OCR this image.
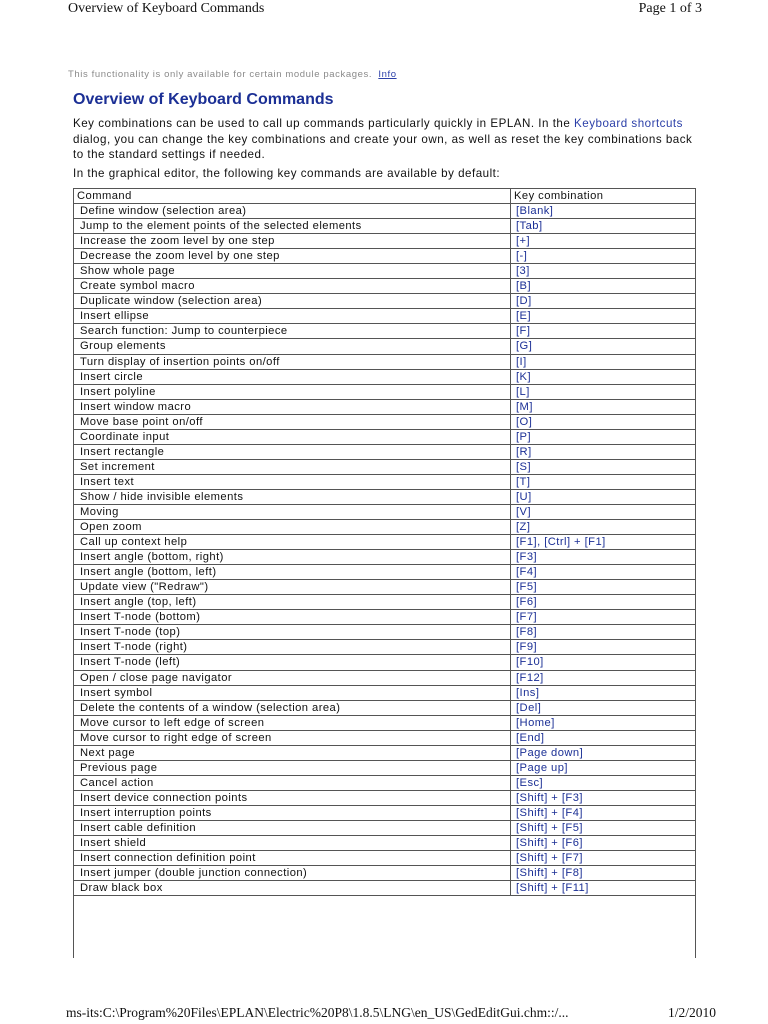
Overview of Keyboard Commands	Page 1 of 3
This functionality is only available for certain module packages. Info
Overview of Keyboard Commands

Key combinations can be used to call up commands particularly quickly in EPLAN. In the Keyboard shortcuts dialog, you can change the key combinations and create your own, as well as reset the key combinations back to the standard settings if needed.

In the graphical editor, the following key commands are available by default:

Command	Key combination
Define window (selection area)	[Blank]
Jump to the element points of the selected elements	[Tab]
Increase the zoom level by one step	[+]
Decrease the zoom level by one step	[-]
Show whole page	[3]
Create symbol macro	[B]
Duplicate window (selection area)	[D]
Insert ellipse	[E]
Search function: Jump to counterpiece	[F]
Group elements	[G]
Turn display of insertion points on/off	[I]
Insert circle	[K]
Insert polyline	[L]
Insert window macro	[M]
Move base point on/off	[O]
Coordinate input	[P]
Insert rectangle	[R]
Set increment	[S]
Insert text	[T]
Show / hide invisible elements	[U]
Moving	[V]
Open zoom	[Z]
Call up context help	[F1], [Ctrl] + [F1]
Insert angle (bottom, right)	[F3]
Insert angle (bottom, left)	[F4]
Update view ("Redraw")	[F5]
Insert angle (top, left)	[F6]
Insert T-node (bottom)	[F7]
Insert T-node (top)	[F8]
Insert T-node (right)	[F9]
Insert T-node (left)	[F10]
Open / close page navigator	[F12]
Insert symbol	[Ins]
Delete the contents of a window (selection area)	[Del]
Move cursor to left edge of screen	[Home]
Move cursor to right edge of screen	[End]
Next page	[Page down]
Previous page	[Page up]
Cancel action	[Esc]
Insert device connection points	[Shift] + [F3]
Insert interruption points	[Shift] + [F4]
Insert cable definition	[Shift] + [F5]
Insert shield	[Shift] + [F6]
Insert connection definition point	[Shift] + [F7]
Insert jumper (double junction connection)	[Shift] + [F8]
Draw black box	[Shift] + [F11]
ms-its:C:\Program%20Files\EPLAN\Electric%20P8\1.8.5\LNG\en_US\GedEditGui.chm::/...	1/2/2010
